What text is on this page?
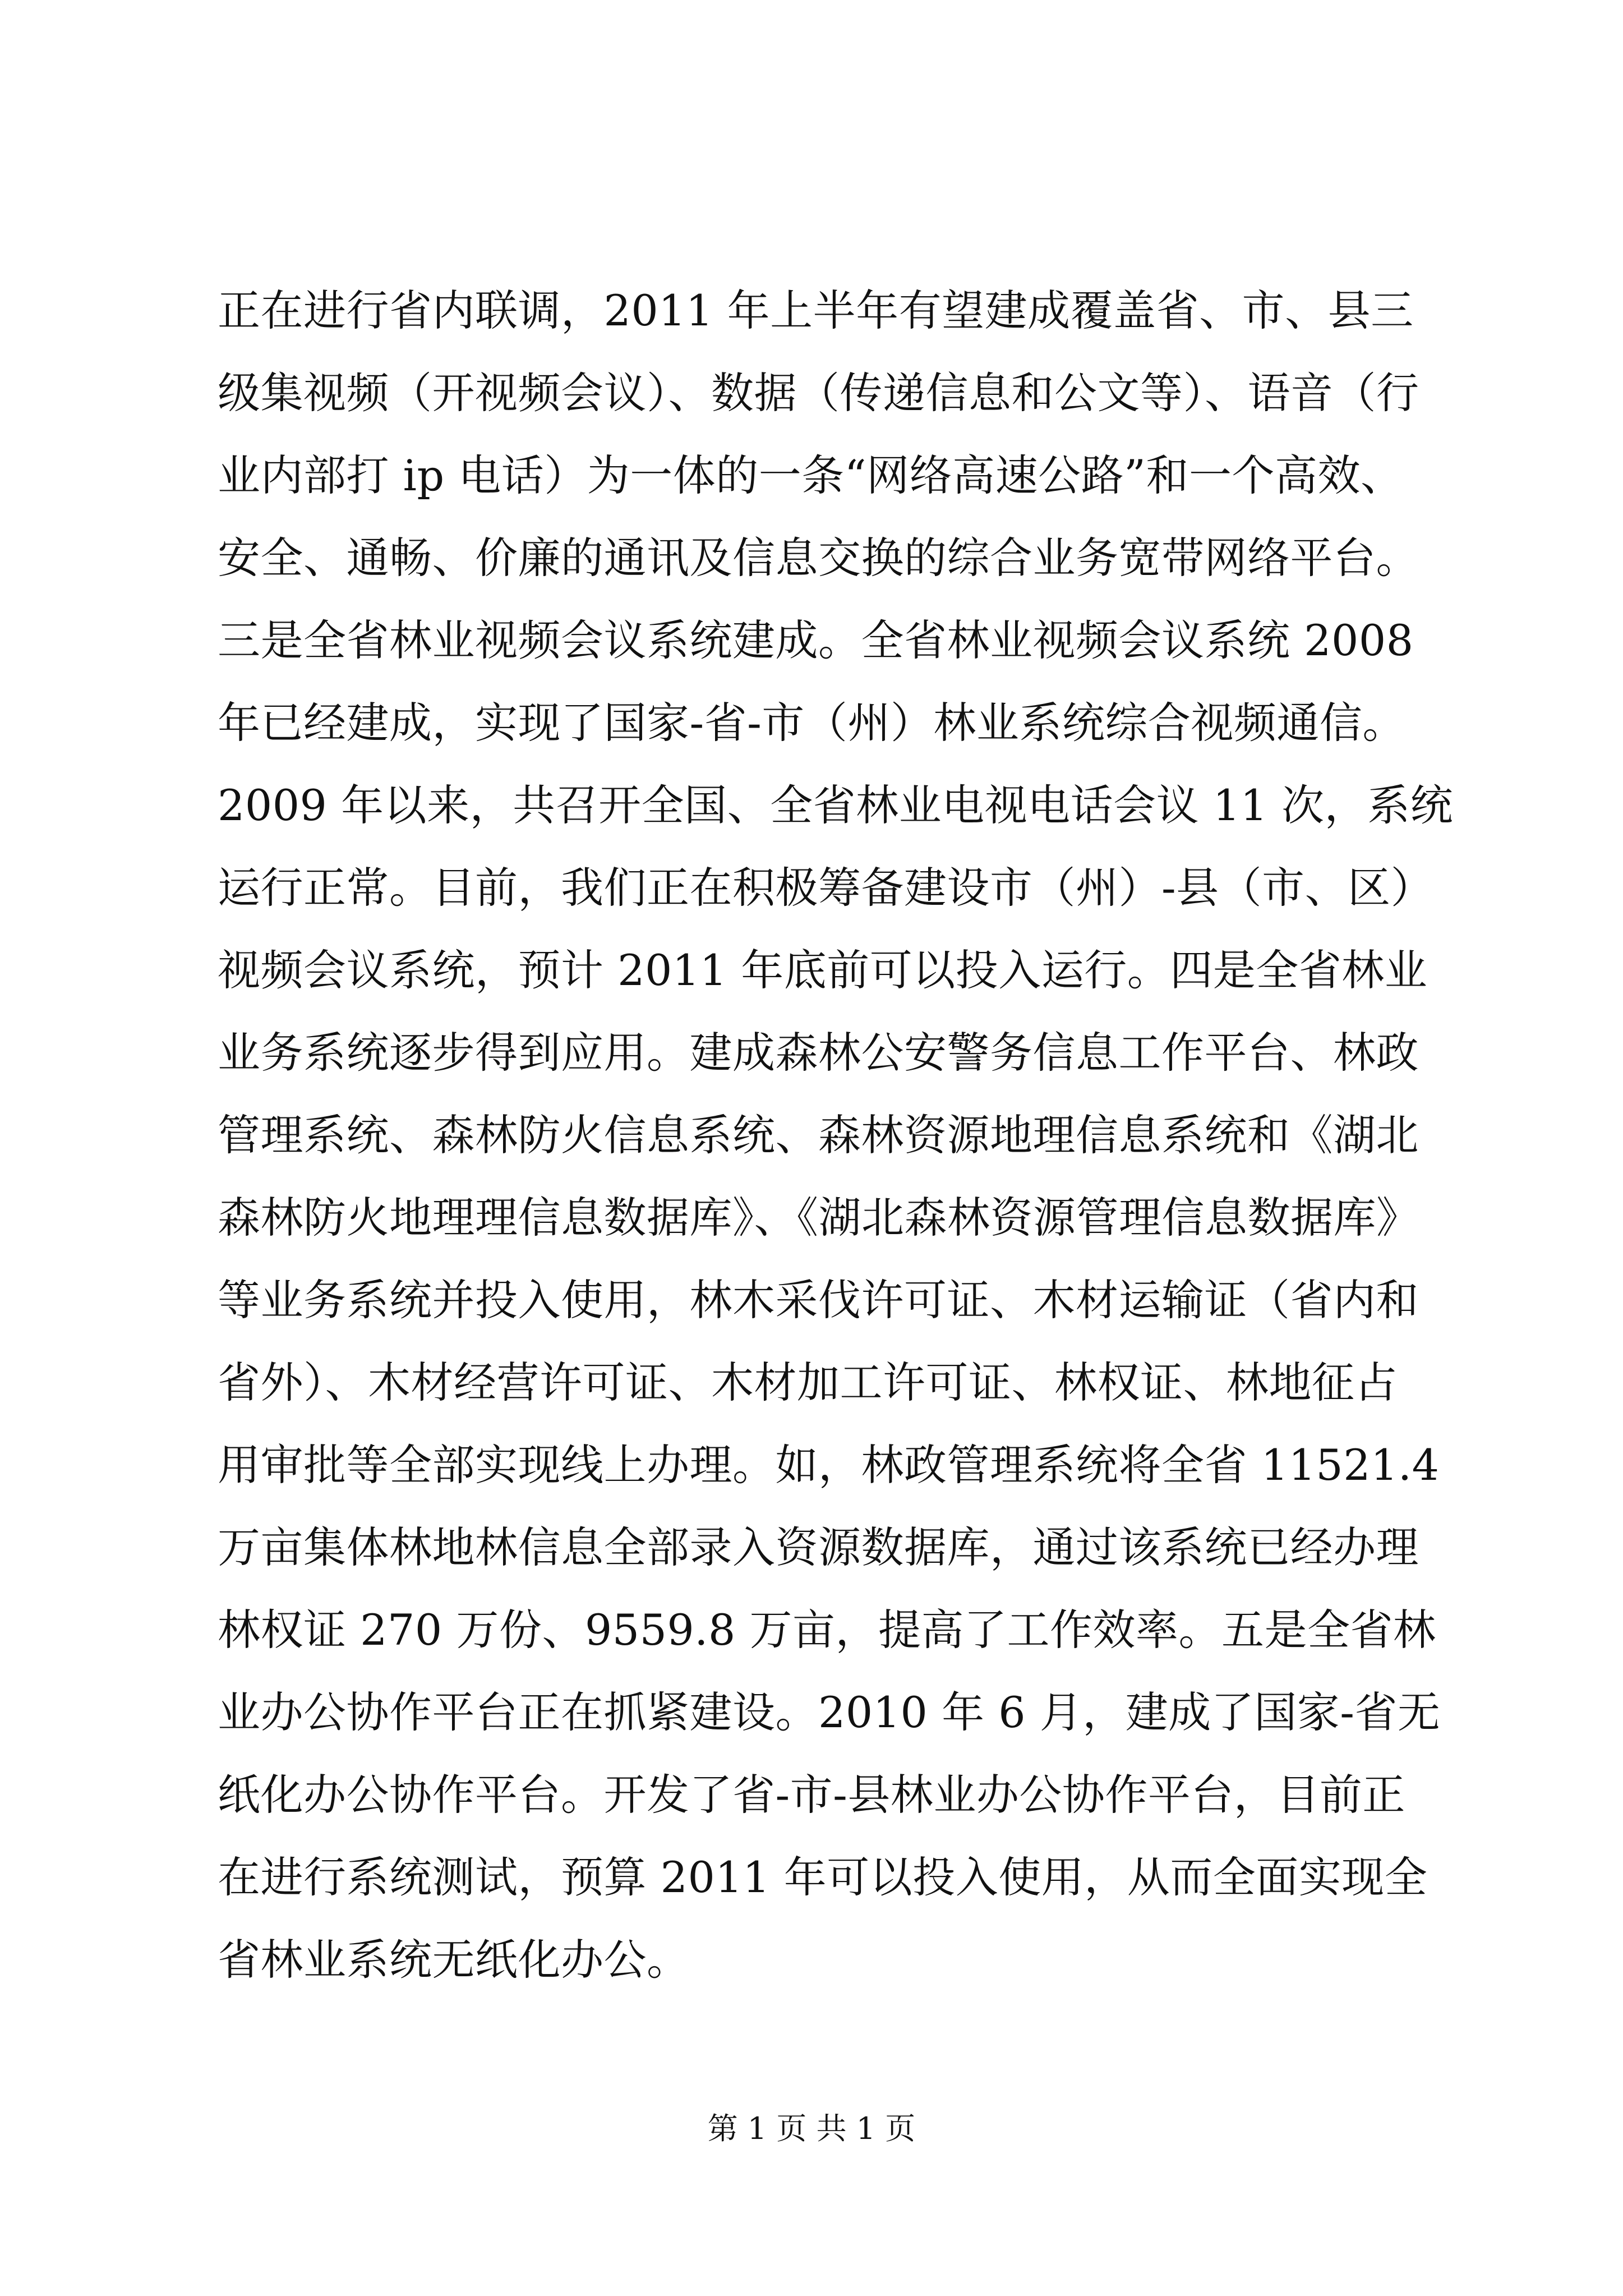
正在进行省内联调，2011 年上半年有望建成覆盖省、市、县三
级集视频（开视频会议）、数据（传递信息和公文等）、语音（行
业内部打 ip 电话）为一体的一条“网络高速公路”和一个高效、
安全、通畅、价廉的通讯及信息交换的综合业务宽带网络平台。
三是全省林业视频会议系统建成。全省林业视频会议系统 2008
年已经建成，实现了国家-省-市（州）林业系统综合视频通信。
2009 年以来，共召开全国、全省林业电视电话会议 11 次，系统
运行正常。目前，我们正在积极筹备建设市（州）-县（市、区）
视频会议系统，预计 2011 年底前可以投入运行。四是全省林业
业务系统逐步得到应用。建成森林公安警务信息工作平台、林政
管理系统、森林防火信息系统、森林资源地理信息系统和《湖北
森林防火地理理信息数据库》、《湖北森林资源管理信息数据库》
等业务系统并投入使用，林木采伐许可证、木材运输证（省内和
省外）、木材经营许可证、木材加工许可证、林权证、林地征占
用审批等全部实现线上办理。如，林政管理系统将全省 11521.4
万亩集体林地林信息全部录入资源数据库，通过该系统已经办理
林权证 270 万份、9559.8 万亩，提高了工作效率。五是全省林
业办公协作平台正在抓紧建设。2010 年 6 月，建成了国家-省无
纸化办公协作平台。开发了省-市-县林业办公协作平台，目前正
在进行系统测试，预算 2011 年可以投入使用，从而全面实现全
省林业系统无纸化办公。
第 1 页 共 1 页
